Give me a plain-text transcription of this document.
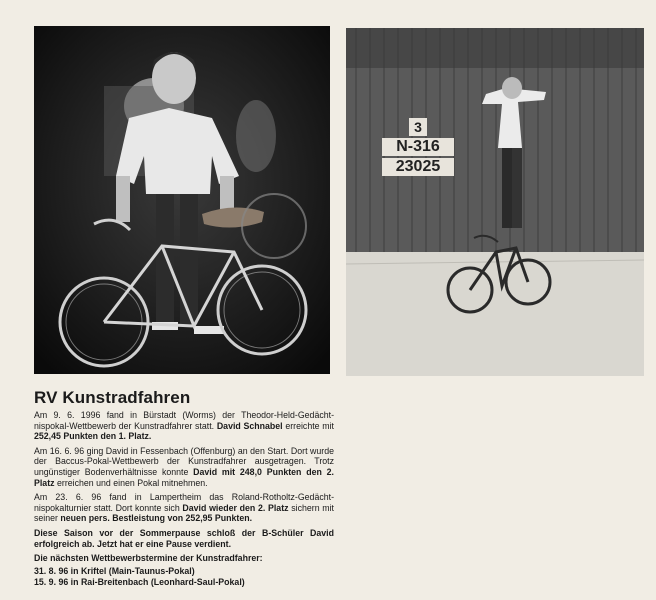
3
N-316
23025
RV Kunstradfahren

Am 9. 6. 1996 fand in Bürstadt (Worms) der Theodor-Held-Gedächt-nispokal-Wettbewerb der Kunstradfahrer statt. David Schnabel erreichte mit 252,45 Punkten den 1. Platz.

Am 16. 6. 96 ging David in Fessenbach (Offenburg) an den Start. Dort wurde der Baccus-Pokal-Wettbewerb der Kunstradfahrer ausgetragen. Trotz ungünstiger Bodenverhältnisse konnte David mit 248,0 Punkten den 2. Platz erreichen und einen Pokal mitnehmen.

Am 23. 6. 96 fand in Lampertheim das Roland-Rotholtz-Gedächt-nispokalturnier statt. Dort konnte sich David wieder den 2. Platz sichern mit seiner neuen pers. Bestleistung von 252,95 Punkten.

Diese Saison vor der Sommerpause schloß der B-Schüler David erfolgreich ab. Jetzt hat er eine Pause verdient.

Die nächsten Wettbewerbstermine der Kunstradfahrer:

31. 8. 96 in Kriftel (Main-Taunus-Pokal)

15. 9. 96 in Rai-Breitenbach (Leonhard-Saul-Pokal)
